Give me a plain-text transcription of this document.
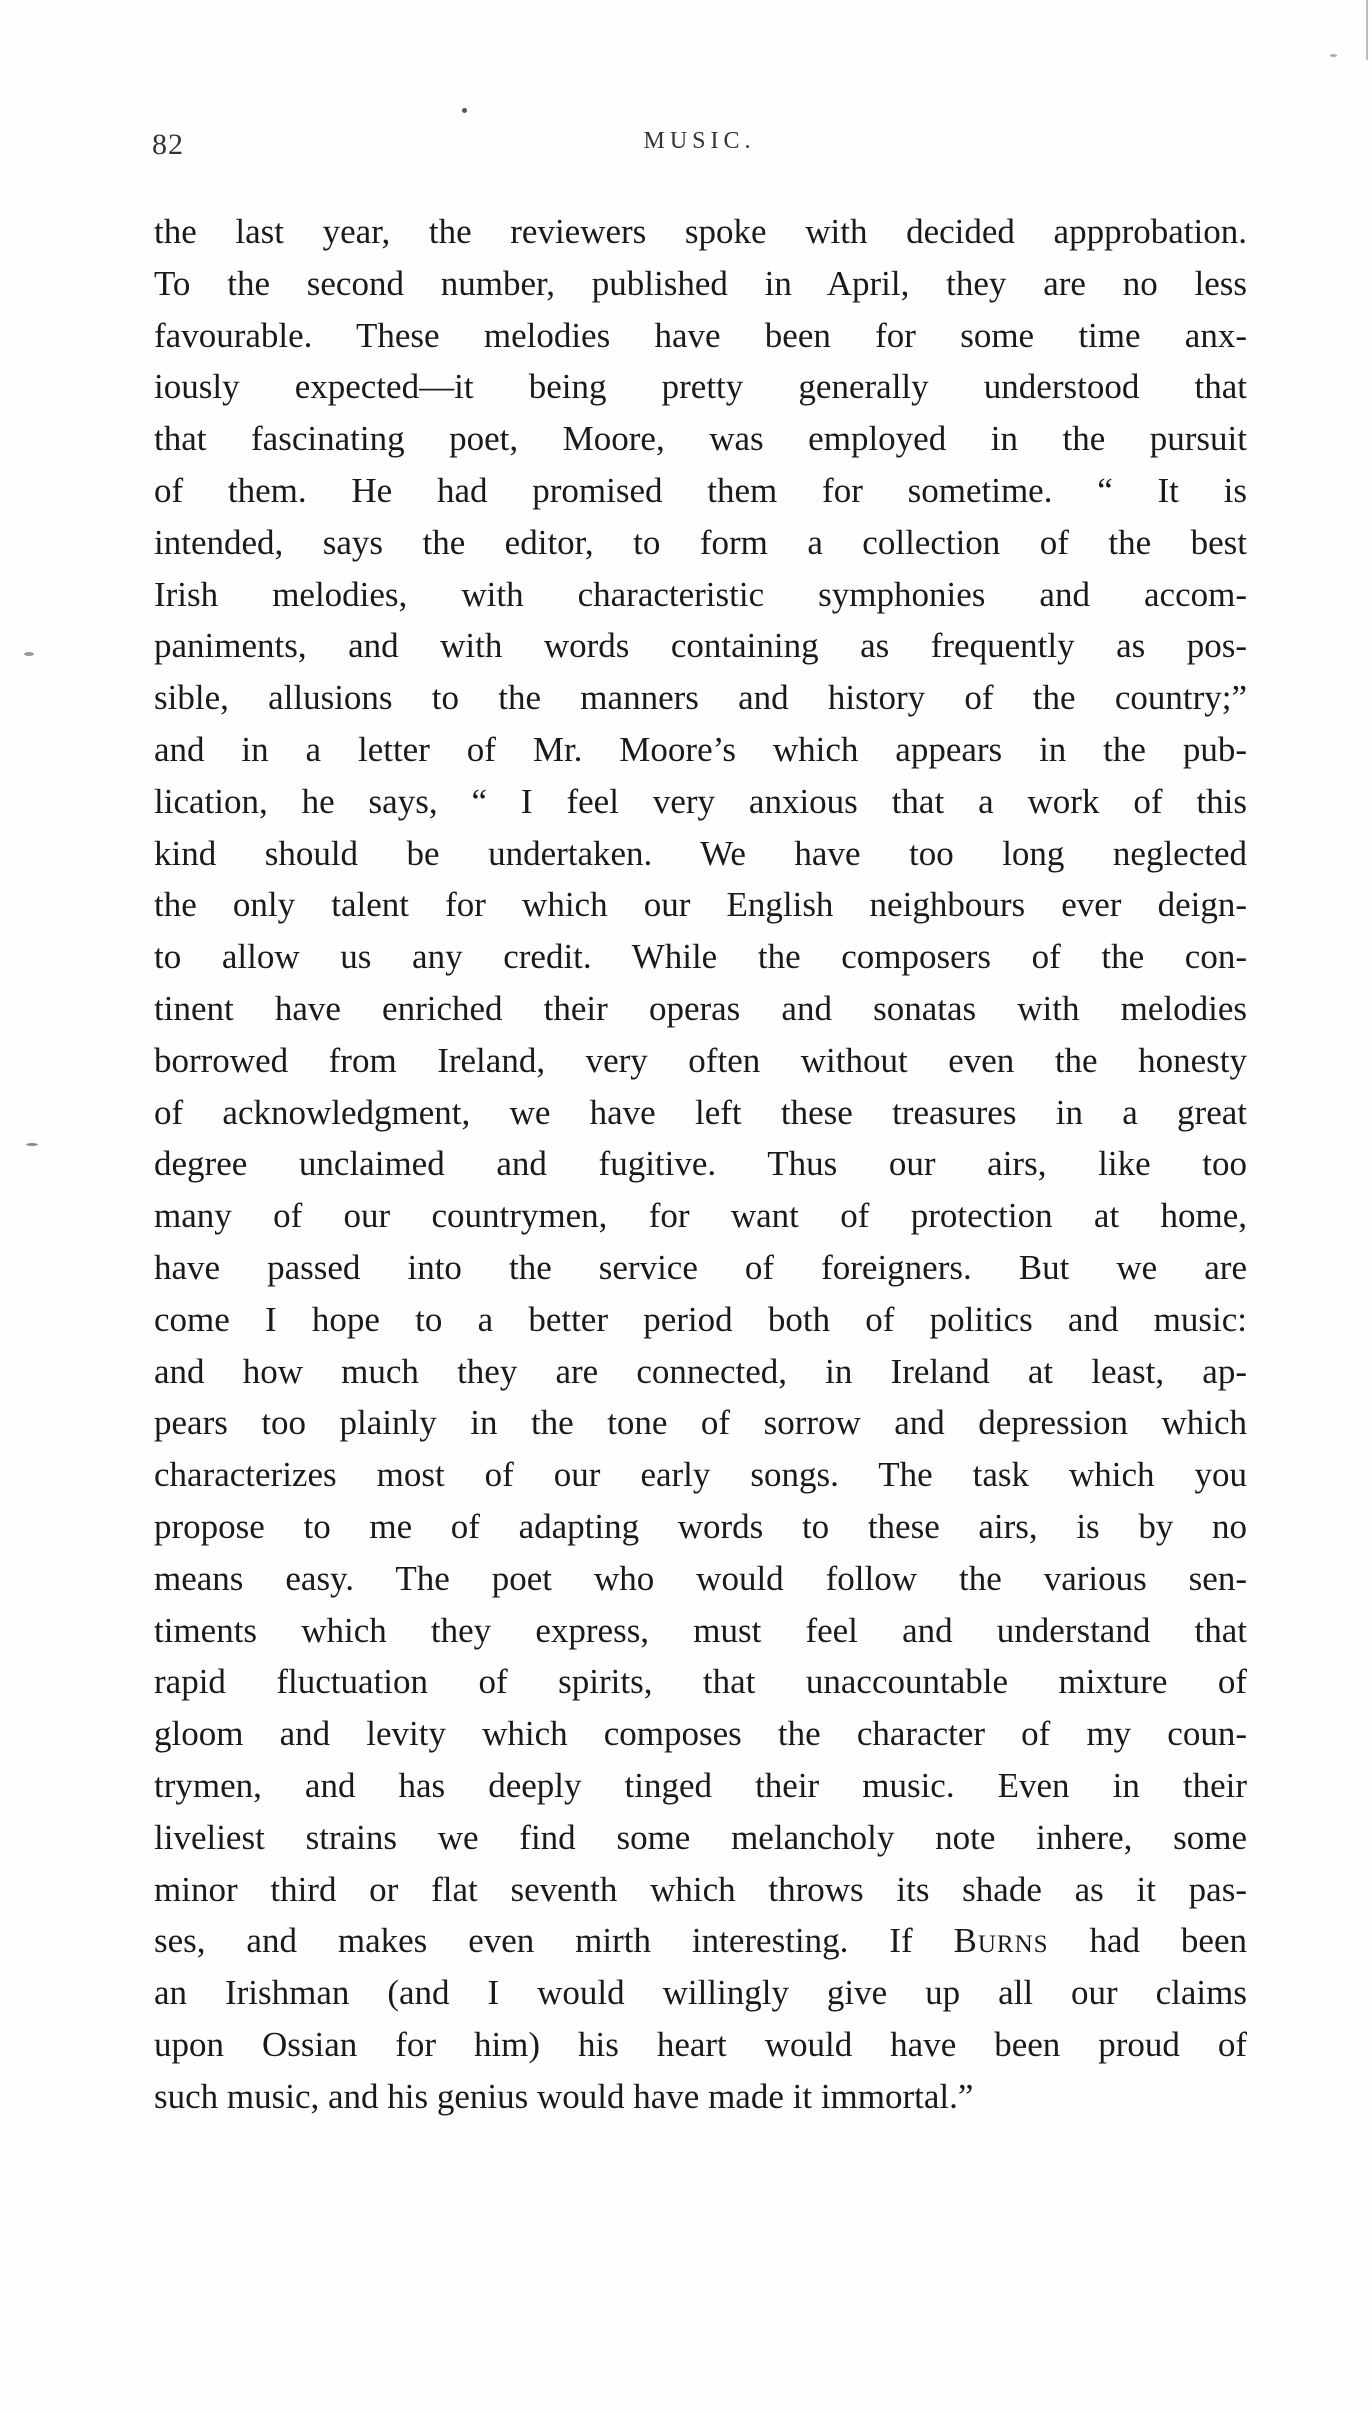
82	MUSIC.
the last year, the reviewers spoke with decided appprobation.
To the second number, published in April, they are no less
favourable. These melodies have been for some time anx-
iously expected—it being pretty generally understood that
that fascinating poet, Moore, was employed in the pursuit
of them. He had promised them for sometime. “ It is
intended, says the editor, to form a collection of the best
Irish melodies, with characteristic symphonies and accom-
paniments, and with words containing as frequently as pos-
sible, allusions to the manners and history of the country;”
and in a letter of Mr. Moore’s which appears in the pub-
lication, he says, “ I feel very anxious that a work of this
kind should be undertaken. We have too long neglected
the only talent for which our English neighbours ever deign-
to allow us any credit. While the composers of the con-
tinent have enriched their operas and sonatas with melodies
borrowed from Ireland, very often without even the honesty
of acknowledgment, we have left these treasures in a great
degree unclaimed and fugitive. Thus our airs, like too
many of our countrymen, for want of protection at home,
have passed into the service of foreigners. But we are
come I hope to a better period both of politics and music:
and how much they are connected, in Ireland at least, ap-
pears too plainly in the tone of sorrow and depression which
characterizes most of our early songs. The task which you
propose to me of adapting words to these airs, is by no
means easy. The poet who would follow the various sen-
timents which they express, must feel and understand that
rapid fluctuation of spirits, that unaccountable mixture of
gloom and levity which composes the character of my coun-
trymen, and has deeply tinged their music. Even in their
liveliest strains we find some melancholy note inhere, some
minor third or flat seventh which throws its shade as it pas-
ses, and makes even mirth interesting. If Burns had been
an Irishman (and I would willingly give up all our claims
upon Ossian for him) his heart would have been proud of
such music, and his genius would have made it immortal.”
